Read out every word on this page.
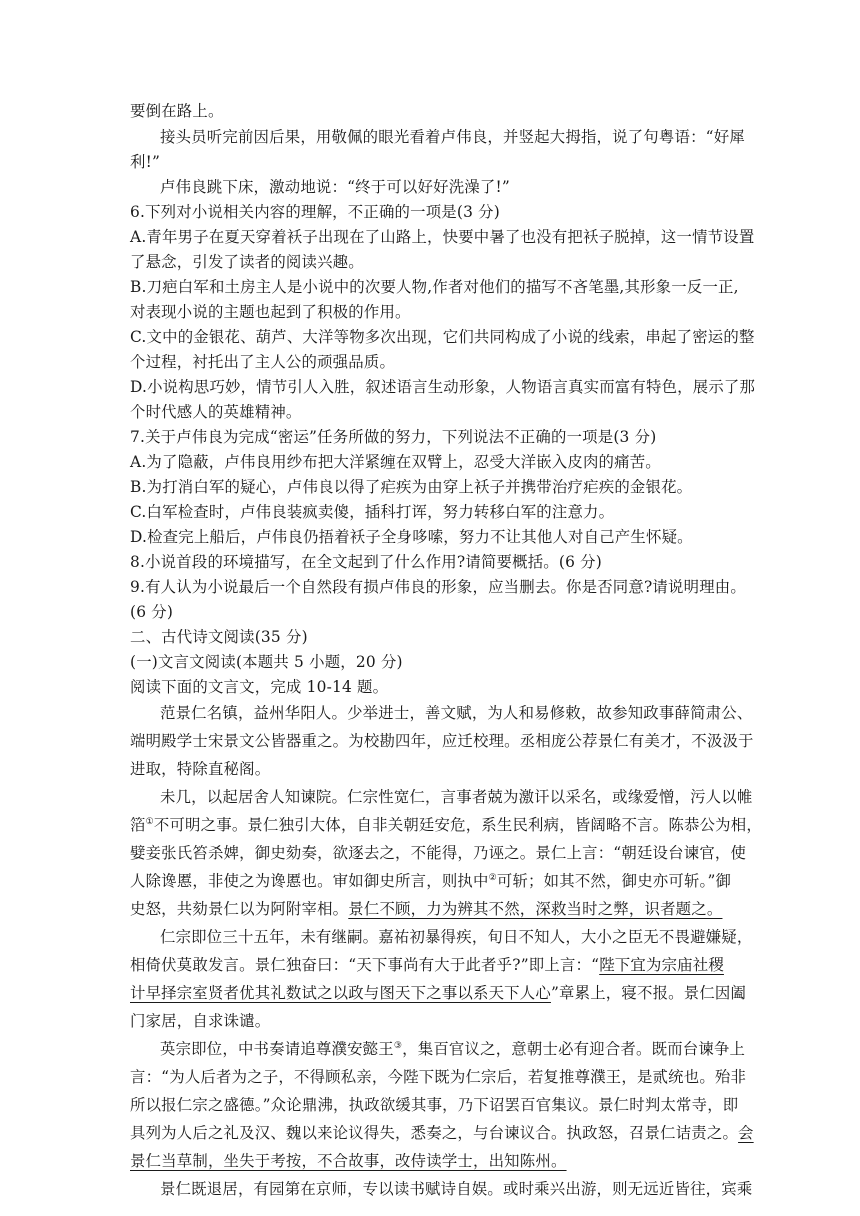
要倒在路上。
接头员听完前因后果，用敬佩的眼光看着卢伟良，并竖起大拇指，说了句粤语：“好犀
利!”
卢伟良跳下床，激动地说：“终于可以好好洗澡了!”
6.下列对小说相关内容的理解，不正确的一项是(3 分)
A.青年男子在夏天穿着袄子出现在了山路上，快要中暑了也没有把袄子脱掉，这一情节设置
了悬念，引发了读者的阅读兴趣。
B.刀疤白军和土房主人是小说中的次要人物,作者对他们的描写不吝笔墨,其形象一反一正,
对表现小说的主题也起到了积极的作用。
C.文中的金银花、葫芦、大洋等物多次出现，它们共同构成了小说的线索，串起了密运的整
个过程，衬托出了主人公的顽强品质。
D.小说构思巧妙，情节引人入胜，叙述语言生动形象，人物语言真实而富有特色，展示了那
个时代感人的英雄精神。
7.关于卢伟良为完成“密运”任务所做的努力，下列说法不正确的一项是(3 分)
A.为了隐蔽，卢伟良用纱布把大洋紧缠在双臂上，忍受大洋嵌入皮肉的痛苦。
B.为打消白军的疑心，卢伟良以得了疟疾为由穿上袄子并携带治疗疟疾的金银花。
C.白军检查时，卢伟良装疯卖傻，插科打诨，努力转移白军的注意力。
D.检查完上船后，卢伟良仍捂着袄子全身哆嗦，努力不让其他人对自己产生怀疑。
8.小说首段的环境描写，在全文起到了什么作用?请简要概括。(6 分)
9.有人认为小说最后一个自然段有损卢伟良的形象，应当删去。你是否同意?请说明理由。
(6 分)
二、古代诗文阅读(35 分)
(一)文言文阅读(本题共 5 小题，20 分)
阅读下面的文言文，完成 10-14 题。
范景仁名镇，益州华阳人。少举进士，善文赋，为人和易修敕，故参知政事薛简肃公、
端明殿学士宋景文公皆器重之。为校勘四年，应迁校理。丞相庞公荐景仁有美才，不汲汲于
进取，特除直秘阁。
未几，以起居舍人知谏院。仁宗性宽仁，言事者兢为激讦以采名，或缘爱憎，污人以帷
箔①不可明之事。景仁独引大体，自非关朝廷安危，系生民利病，皆阔略不言。陈恭公为相，
嬖妾张氏笞杀婢，御史劾奏，欲逐去之，不能得，乃诬之。景仁上言：“朝廷设台谏官，使
人除谗慝，非使之为谗慝也。审如御史所言，则执中②可斩；如其不然，御史亦可斩。”御
史怒，共劾景仁以为阿附宰相。景仁不顾，力为辨其不然，深救当时之弊，识者题之。
仁宗即位三十五年，未有继嗣。嘉祐初暴得疾，旬日不知人，大小之臣无不畏避嫌疑，
相倚伏莫敢发言。景仁独奋曰：“天下事尚有大于此者乎?”即上言：“陛下宜为宗庙社稷
计早择宗室贤者优其礼数试之以政与图天下之事以系天下人心”章累上，寝不报。景仁因阖
门家居，自求诛谴。
英宗即位，中书奏请追尊濮安懿王③，集百官议之，意朝士必有迎合者。既而台谏争上
言：“为人后者为之子，不得顾私亲，今陛下既为仁宗后，若复推尊濮王，是贰统也。殆非
所以报仁宗之盛德。”众论鼎沸，执政欲缓其事，乃下诏罢百官集议。景仁时判太常寺，即
具列为人后之礼及汉、魏以来论议得失，悉奏之，与台谏议合。执政怒，召景仁诘责之。会
景仁当草制，坐失于考按，不合故事，改侍读学士，出知陈州。
景仁既退居，有园第在京师，专以读书赋诗自娱。或时乘兴出游，则无远近皆往，宾乘
